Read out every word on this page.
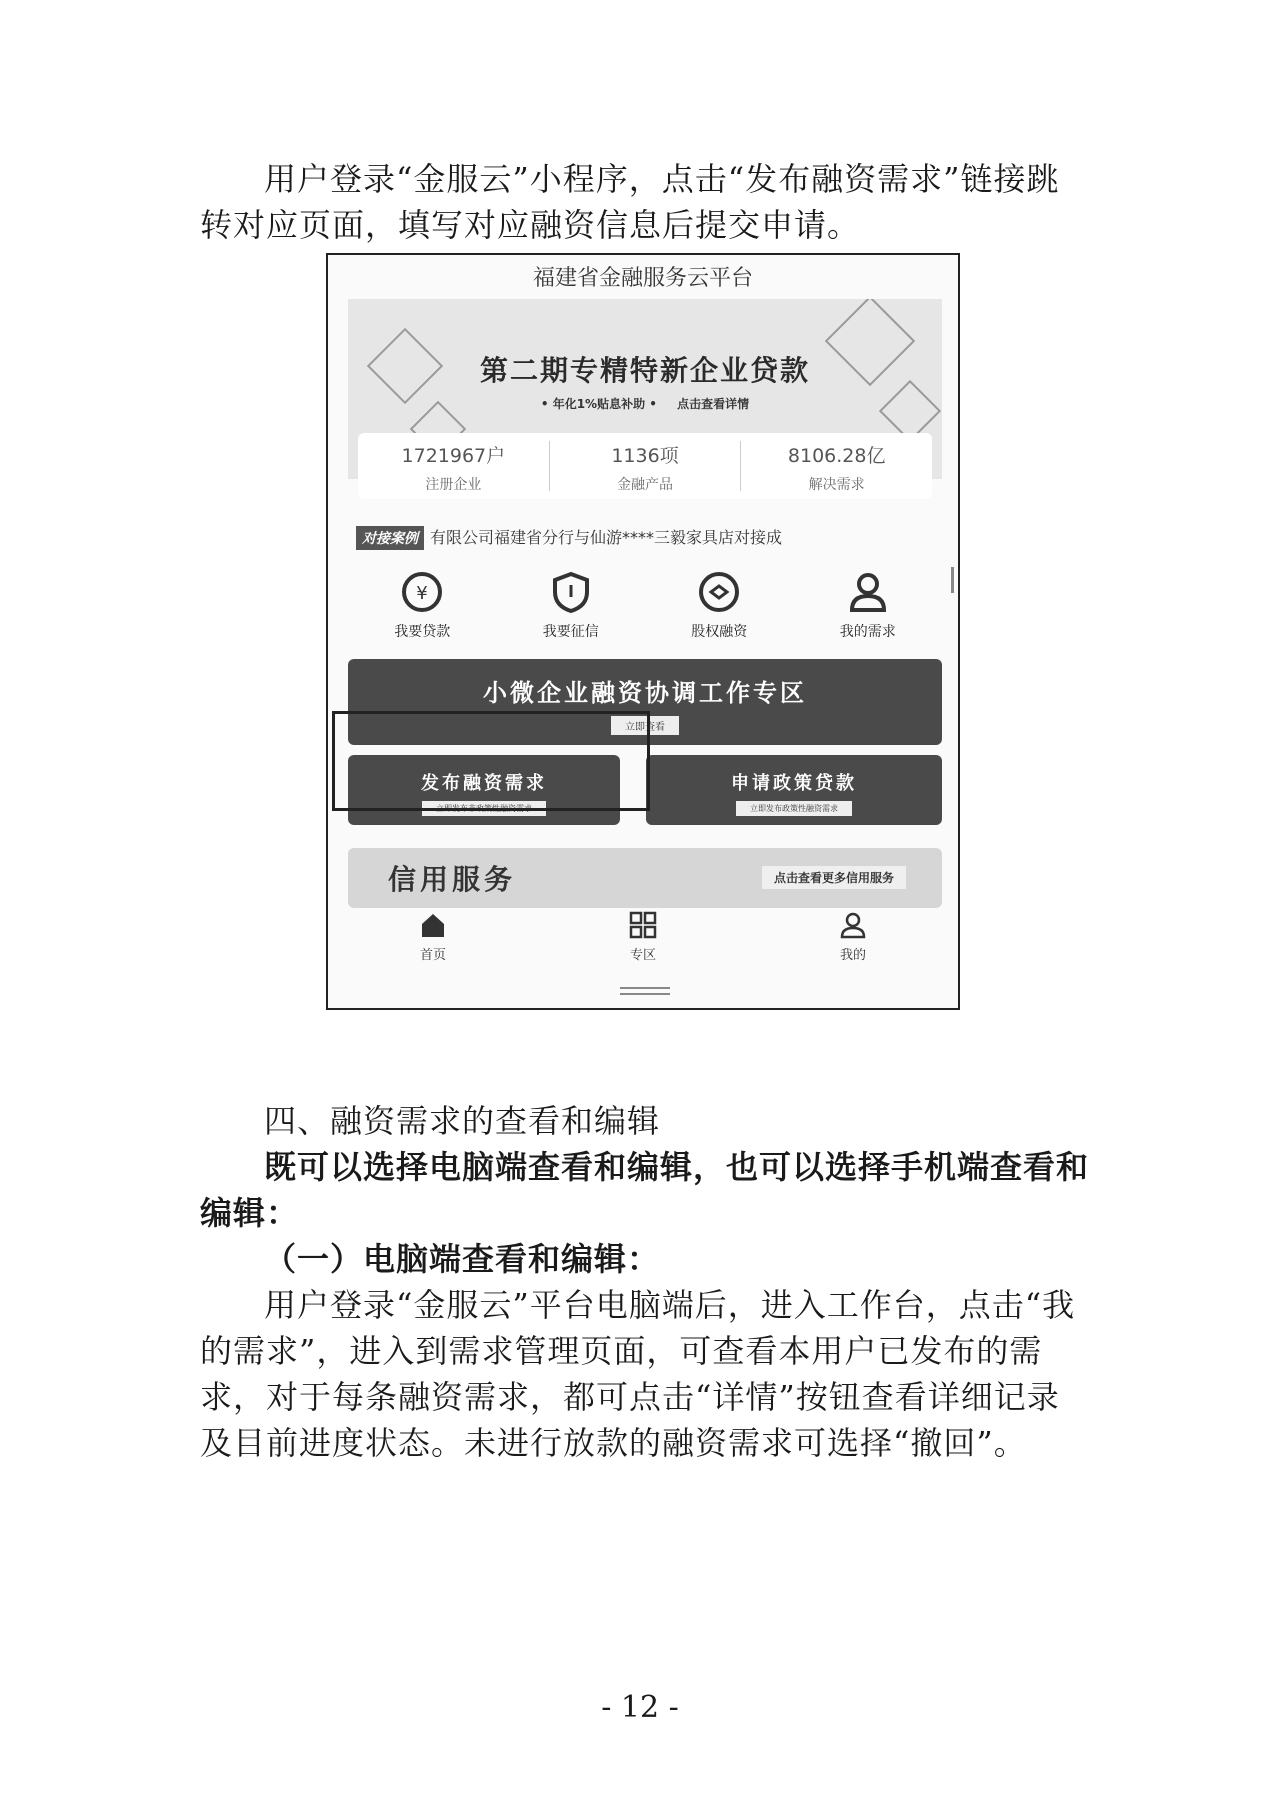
用户登录“金服云”小程序，点击“发布融资需求”链接跳转对应页面，填写对应融资信息后提交申请。

福建省金融服务云平台
第二期专精特新企业贷款
• 年化1%贴息补助 • 点击查看详情
1721967户
注册企业
1136项
金融产品
8106.28亿
解决需求
对接案例 有限公司福建省分行与仙游****三毅家具店对接成
¥
我要贷款	我要征信	股权融资	我的需求
小微企业融资协调工作专区
立即查看
发布融资需求
立即发布非政策性融资需求
申请政策贷款
立即发布政策性融资需求
信用服务	点击查看更多信用服务
首页	专区	我的

四、融资需求的查看和编辑

既可以选择电脑端查看和编辑，也可以选择手机端查看和编辑：

（一）电脑端查看和编辑：

用户登录“金服云”平台电脑端后，进入工作台，点击“我的需求”，进入到需求管理页面，可查看本用户已发布的需求，对于每条融资需求，都可点击“详情”按钮查看详细记录及目前进度状态。未进行放款的融资需求可选择“撤回”。

- 12 -
